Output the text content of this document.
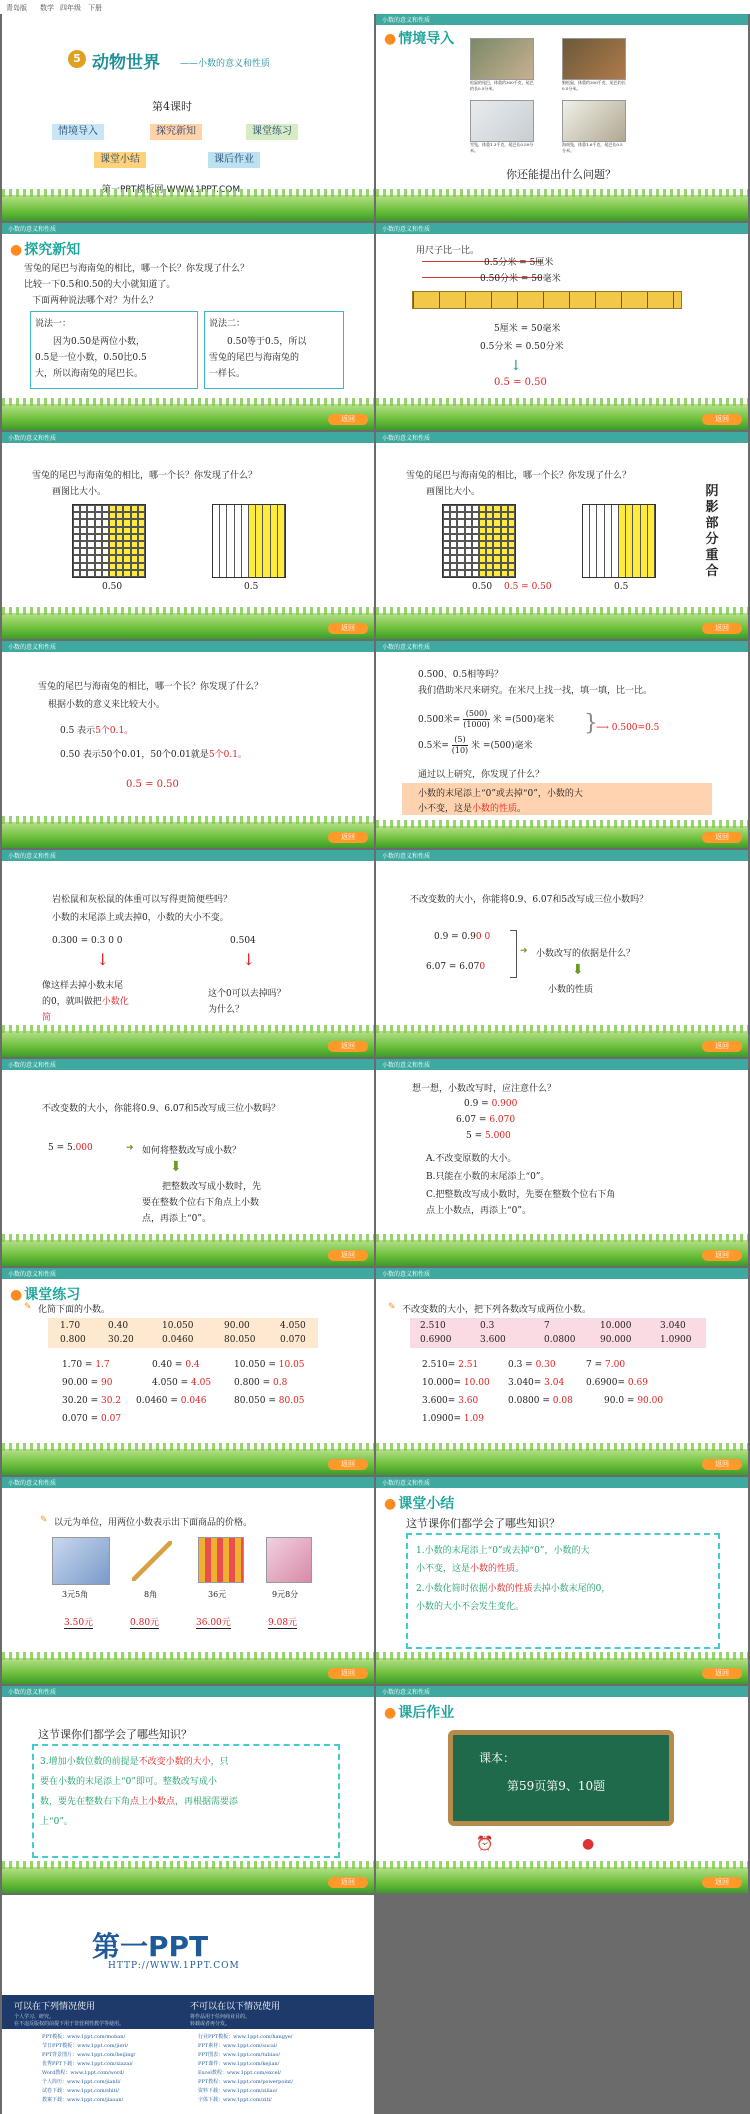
青岛版 数学 四年级 下册
5 动物世界 ——小数的意义和性质
第4课时
情境导入	探究新知	课堂练习
课堂小结	课后作业
小数的意义和性质
● 情境导入
松鼠的尾巴，体重约300千克，尾巴约长0.5分米。
狼松鼠，体重约300千克，尾巴约长0.5分米。
雪兔，体重1.3千克，尾巴长0.50分米。
海南兔，体重1.6千克，尾巴长0.5分米。
你还能提出什么问题？
小数的意义和性质
● 探究新知
雪兔的尾巴与海南兔的相比，哪一个长？你发现了什么？
比较一下0.5和0.50的大小就知道了。
下面两种说法哪个对？为什么？
说法一：
因为0.50是两位小数，
0.5是一位小数，0.50比0.5
大，所以海南兔的尾巴长。
说法二：
0.50等于0.5，所以
雪兔的尾巴与海南兔的
一样长。
返回
小数的意义和性质
用尺子比一比。
0.5分米 = 5厘米
0.50分米 = 50毫米
5厘米 = 50毫米
0.5分米 = 0.50分米
↓
0.5 = 0.50
返回
小数的意义和性质
雪兔的尾巴与海南兔的相比，哪一个长？你发现了什么？
画图比大小。
0.50	0.5
返回
小数的意义和性质
雪兔的尾巴与海南兔的相比，哪一个长？你发现了什么？
画图比大小。
0.50 0.5 = 0.50	0.5
阴
影
部
分
重
合
返回
小数的意义和性质
雪兔的尾巴与海南兔的相比，哪一个长？你发现了什么？
根据小数的意义来比较大小。
0.5 表示5个0.1。
0.50 表示50个0.01，50个0.01就是5个0.1。
0.5 = 0.50
返回
小数的意义和性质
0.500、0.5相等吗？
我们借助米尺来研究。在米尺上找一找，填一填，比一比。
0.500米= $\frac{(500)}{(1000)}$ 米 =(500)毫米
0.5米= $\frac{(5)}{(10)}$ 米 =(500)毫米
}
⟶ 0.500=0.5
通过以上研究，你发现了什么？
小数的末尾添上“0”或去掉“0”，小数的大
小不变，这是小数的性质。
返回
小数的意义和性质
岩松鼠和灰松鼠的体重可以写得更简便些吗？
小数的末尾添上或去掉0，小数的大小不变。
0.300 = 0.3 0 0	0.504
↓	↓
像这样去掉小数末尾
的0，就叫做把小数化
简
这个0可以去掉吗？
为什么？
返回
小数的意义和性质
不改变数的大小，你能将0.9、6.07和5改写成三位小数吗？
0.9 = 0.90 0
6.07 = 6.070
➜ 小数改写的依据是什么？
⬇
小数的性质
返回
小数的意义和性质
不改变数的大小，你能将0.9、6.07和5改写成三位小数吗？
5 = 5.000	➜ 如何将整数改写成小数？
⬇
把整数改写成小数时，先
要在整数个位右下角点上小数
点，再添上“0”。
返回
小数的意义和性质
想一想，小数改写时，应注意什么？
0.9 = 0.900
6.07 = 6.070
5 = 5.000
A.不改变原数的大小。
B.只能在小数的末尾添上“0”。
C.把整数改写成小数时，先要在整数个位右下角
点上小数点，再添上“0”。
返回
小数的意义和性质
● 课堂练习
✎ 化简下面的小数。
1.70	0.40	10.050	90.00	4.050
0.800 30.20	0.0460	80.050	0.070
1.70 = 1.7	0.40 = 0.4	10.050 = 10.05
90.00 = 90	4.050 = 4.05	0.800 = 0.8
30.20 = 30.2 0.0460 = 0.046	80.050 = 80.05
0.070 = 0.07
返回
小数的意义和性质
✎ 不改变数的大小，把下列各数改写成两位小数。
2.510	0.3	7	10.000	3.040
0.6900	3.600	0.0800	90.000	1.0900
2.510= 2.51	0.3 = 0.30	7 = 7.00
10.000= 10.00 3.040= 3.04 0.6900= 0.69
3.600= 3.60	0.0800 = 0.08	90.0 = 90.00
1.0900= 1.09
返回
小数的意义和性质
✎ 以元为单位，用两位小数表示出下面商品的价格。
3元5角	8角	36元	9元8分
3.50元	0.80元	36.00元	9.08元
返回
小数的意义和性质
● 课堂小结
这节课你们都学会了哪些知识？
1.小数的末尾添上“0”或去掉“0”，小数的大
小不变，这是小数的性质。
2.小数化简时依据小数的性质去掉小数末尾的0，
小数的大小不会发生变化。
返回
小数的意义和性质
这节课你们都学会了哪些知识？
3.增加小数位数的前提是不改变小数的大小，只
要在小数的末尾添上“0”即可。整数改写成小
数，要先在整数右下角点上小数点，再根据需要添
上“0”。
返回
小数的意义和性质
● 课后作业
课本：
第59页第9、10题
⏰	●
返回
第一PPT
HTTP://WWW.1PPT.COM
可以在下列情况使用	不可以在以下情况使用
个人学习、研究。
在不违反版权的前提下用于非营利性教学等使用。
将作品用于任何商业目的。
转载或者再分发。
PPT模板：www.1ppt.com/moban/
节日PPT模板：www.1ppt.com/jieri/
PPT背景图片：www.1ppt.com/beijing/
优秀PPT下载：www.1ppt.com/xiazai/
Word教程：www.1ppt.com/word/
个人简历：www.1ppt.com/jianli/
试卷下载：www.1ppt.com/shiti/
教案下载：www.1ppt.com/jiaoan/
行业PPT模板：www.1ppt.com/hangye/
PPT素材：www.1ppt.com/sucai/
PPT图表：www.1ppt.com/tubiao/
PPT课件：www.1ppt.com/kejian/
Excel教程：www.1ppt.com/excel/
PPT教程：www.1ppt.com/powerpoint/
资料下载：www.1ppt.com/ziliao/
字体下载：www.1ppt.com/ziti/
